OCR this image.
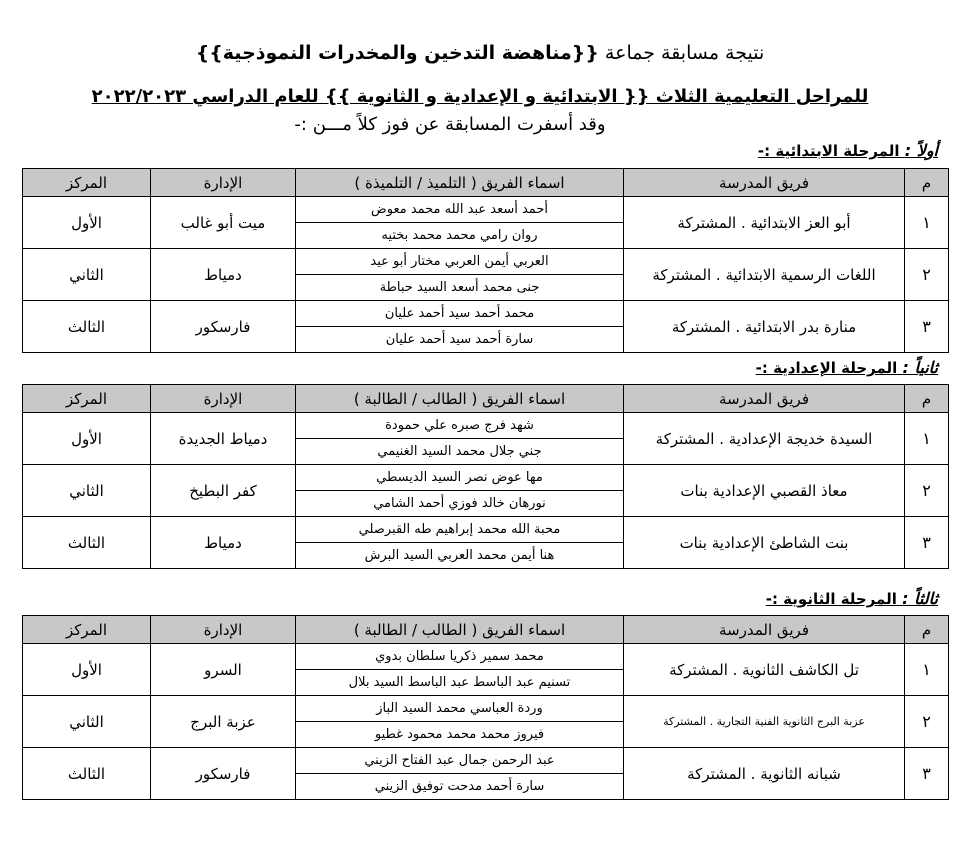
نتيجة مسابقة جماعة {{مناهضة التدخين والمخدرات النموذجية}}
للمراحل التعليمية الثلاث {{ الابتدائية و الإعدادية و الثانوية }} للعام الدراسي ٢٠٢٢/٢٠٢٣
وقد أسفرت المسابقة عن فوز كلاً مـــن :-
أولاً : المرحلة الابتدائية :-
م	فريق المدرسة	اسماء الفريق ( التلميذ / التلميذة )	الإدارة	المركز
١	أبو العز الابتدائية . المشتركة	أحمد أسعد عبد الله محمد معوض	ميت أبو غالب	الأول
		روان رامي محمد محمد بختيه		
٢	اللغات الرسمية الابتدائية . المشتركة	العربي أيمن العربي مختار أبو عيد	دمياط	الثاني
		جنى محمد أسعد السيد حباطة		
٣	منارة بدر الابتدائية . المشتركة	محمد أحمد سيد أحمد عليان	فارسكور	الثالث
		سارة أحمد سيد أحمد عليان		
ثانياً : المرحلة الإعدادية :-
م	فريق المدرسة	اسماء الفريق ( الطالب / الطالبة )	الإدارة	المركز
١	السيدة خديجة الإعدادية . المشتركة	شهد فرج صبره علي حمودة	دمياط الجديدة	الأول
		جني جلال محمد السيد الغنيمي		
٢	معاذ القصبي الإعدادية بنات	مها عوض نصر السيد الديسطي	كفر البطيخ	الثاني
		نورهان خالد فوزي أحمد الشامي		
٣	بنت الشاطئ الإعدادية بنات	محبة الله محمد إبراهيم طه القبرصلي	دمياط	الثالث
		هنا أيمن محمد العربي السيد البرش		
ثالثاً : المرحلة الثانوية :-
م	فريق المدرسة	اسماء الفريق ( الطالب / الطالبة )	الإدارة	المركز
١	تل الكاشف الثانوية . المشتركة	محمد سمير ذكريا سلطان بدوي	السرو	الأول
		تسنيم عبد الباسط عبد الباسط السيد بلال		
٢	عزبة البرج الثانوية الفنية التجارية . المشتركة	وردة العباسي محمد السيد الباز	عزبة البرج	الثاني
		فيروز محمد محمد محمود غطيو		
٣	شبانه الثانوية . المشتركة	عبد الرحمن جمال عبد الفتاح الزيني	فارسكور	الثالث
		سارة أحمد مدحت توفيق الزيني		
